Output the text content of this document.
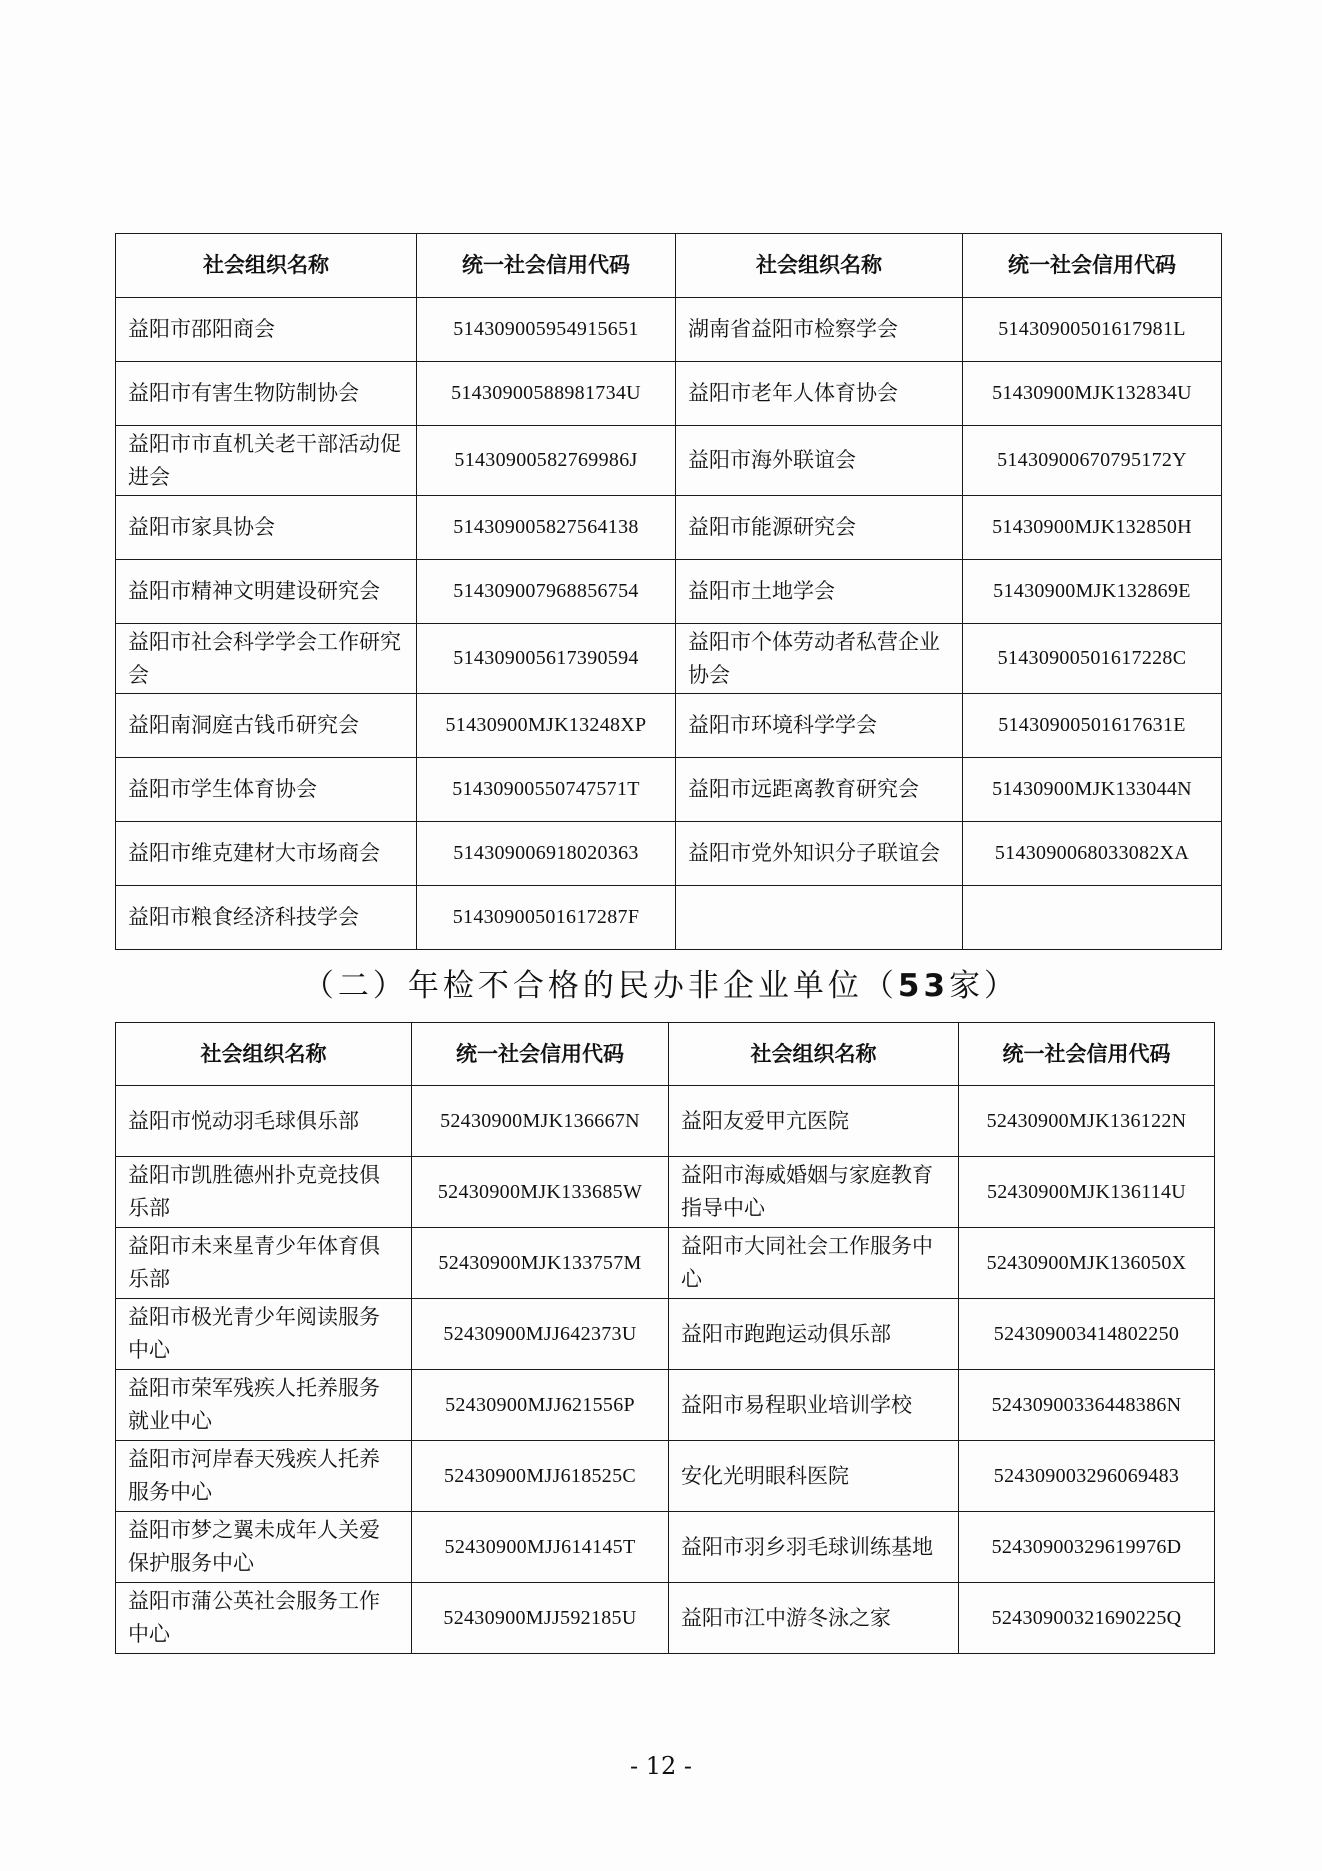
社会组织名称	统一社会信用代码	社会组织名称	统一社会信用代码
益阳市邵阳商会	514309005954915651	湖南省益阳市检察学会	51430900501617981L
益阳市有害生物防制协会	51430900588981734U	益阳市老年人体育协会	51430900MJK132834U
益阳市市直机关老干部活动促进会	51430900582769986J	益阳市海外联谊会	51430900670795172Y
益阳市家具协会	514309005827564138	益阳市能源研究会	51430900MJK132850H
益阳市精神文明建设研究会	514309007968856754	益阳市土地学会	51430900MJK132869E
益阳市社会科学学会工作研究会	514309005617390594	益阳市个体劳动者私营企业协会	51430900501617228C
益阳南洞庭古钱币研究会	51430900MJK13248XP	益阳市环境科学学会	51430900501617631E
益阳市学生体育协会	51430900550747571T	益阳市远距离教育研究会	51430900MJK133044N
益阳市维克建材大市场商会	514309006918020363	益阳市党外知识分子联谊会	5143090068033082XA
益阳市粮食经济科技学会	51430900501617287F		
（二）年检不合格的民办非企业单位（53家）
社会组织名称	统一社会信用代码	社会组织名称	统一社会信用代码
益阳市悦动羽毛球俱乐部	52430900MJK136667N	益阳友爱甲亢医院	52430900MJK136122N
益阳市凯胜德州扑克竞技俱乐部	52430900MJK133685W	益阳市海威婚姻与家庭教育指导中心	52430900MJK136114U
益阳市未来星青少年体育俱乐部	52430900MJK133757M	益阳市大同社会工作服务中心	52430900MJK136050X
益阳市极光青少年阅读服务中心	52430900MJJ642373U	益阳市跑跑运动俱乐部	524309003414802250
益阳市荣军残疾人托养服务就业中心	52430900MJJ621556P	益阳市易程职业培训学校	52430900336448386N
益阳市河岸春天残疾人托养服务中心	52430900MJJ618525C	安化光明眼科医院	524309003296069483
益阳市梦之翼未成年人关爱保护服务中心	52430900MJJ614145T	益阳市羽乡羽毛球训练基地	52430900329619976D
益阳市蒲公英社会服务工作中心	52430900MJJ592185U	益阳市江中游冬泳之家	52430900321690225Q
- 12 -
